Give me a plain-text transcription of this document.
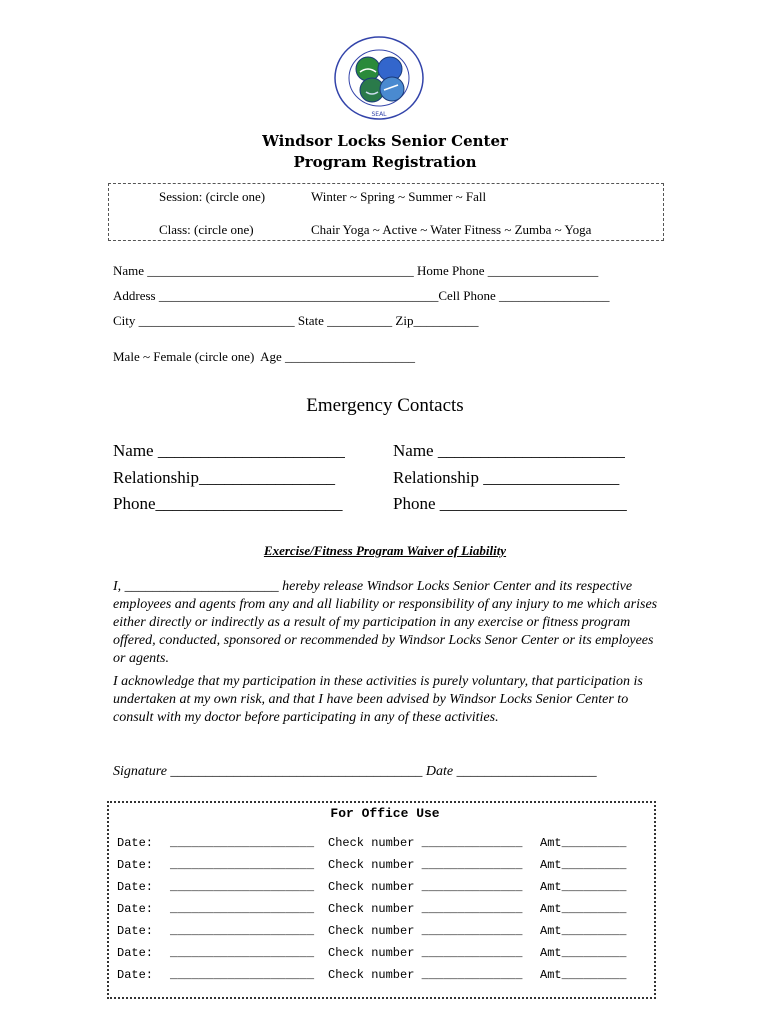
SEAL
Windsor Locks Senior Center
Program Registration
Session: (circle one)	Winter ~ Spring ~ Summer ~ Fall
Class: (circle one)	Chair Yoga ~ Active ~ Water Fitness ~ Zumba ~ Yoga
Name _________________________________________ Home Phone _________________
Address ___________________________________________Cell Phone _________________
City ________________________ State __________ Zip__________
Male ~ Female (circle one)  Age ____________________
Emergency Contacts
Name ______________________
Relationship________________
Phone______________________
Name ______________________
Relationship ________________
Phone ______________________
Exercise/Fitness Program Waiver of Liability
I, ______________________ hereby release Windsor Locks Senior Center and its respective employees and agents from any and all liability or responsibility of any injury to me which arises either directly or indirectly as a result of my participation in any exercise or fitness program offered, conducted, sponsored or recommended by Windsor Locks Senor Center or its employees or agents.
I acknowledge that my participation in these activities is purely voluntary, that participation is undertaken at my own risk, and that I have been advised by Windsor Locks Senior Center to consult with my doctor before participating in any of these activities.
Signature ____________________________________ Date ____________________
For Office Use
Date: ____________________ Check number ______________ Amt_________
Date: ____________________ Check number ______________ Amt_________
Date: ____________________ Check number ______________ Amt_________
Date: ____________________ Check number ______________ Amt_________
Date: ____________________ Check number ______________ Amt_________
Date: ____________________ Check number ______________ Amt_________
Date: ____________________ Check number ______________ Amt_________
